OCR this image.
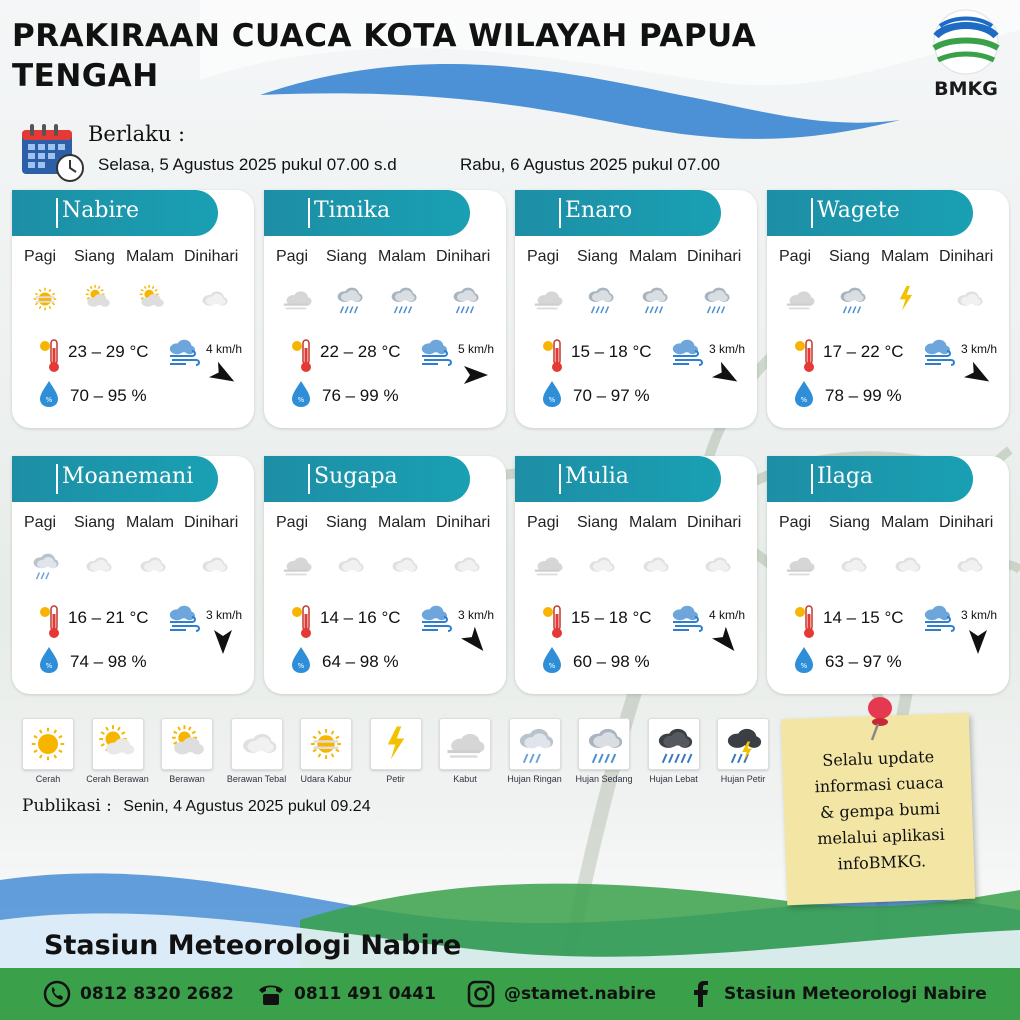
PRAKIRAAN CUACA KOTA WILAYAH PAPUA TENGAH	BMKG
Berlaku :
Selasa, 5 Agustus 2025 pukul 07.00 s.d	Rabu, 6 Agustus 2025 pukul 07.00
Nabire
Pagi Siang Malam Dinihari
23 – 29 °C	4 km/h
% 70 – 95 %
Timika
Pagi Siang Malam Dinihari
22 – 28 °C	5 km/h
% 76 – 99 %
Enaro
Pagi Siang Malam Dinihari
15 – 18 °C	3 km/h
% 70 – 97 %
Wagete
Pagi Siang Malam Dinihari
17 – 22 °C	3 km/h
% 78 – 99 %
Moanemani
Pagi Siang Malam Dinihari
16 – 21 °C	3 km/h
% 74 – 98 %
Sugapa
Pagi Siang Malam Dinihari
14 – 16 °C	3 km/h
% 64 – 98 %
Mulia
Pagi Siang Malam Dinihari
15 – 18 °C	4 km/h
% 60 – 98 %
Ilaga
Pagi Siang Malam Dinihari
14 – 15 °C	3 km/h
% 63 – 97 %
Cerah	Cerah Berawan	Berawan	Berawan Tebal	Udara Kabur	Petir	Kabut	Hujan Ringan	Hujan Sedang	Hujan Lebat	Hujan Petir
Publikasi : Senin, 4 Agustus 2025 pukul 09.24
Selalu update
informasi cuaca
& gempa bumi
melalui aplikasi
infoBMKG.
Stasiun Meteorologi Nabire
0812 8320 2682	0811 491 0441	@stamet.nabire	Stasiun Meteorologi Nabire
